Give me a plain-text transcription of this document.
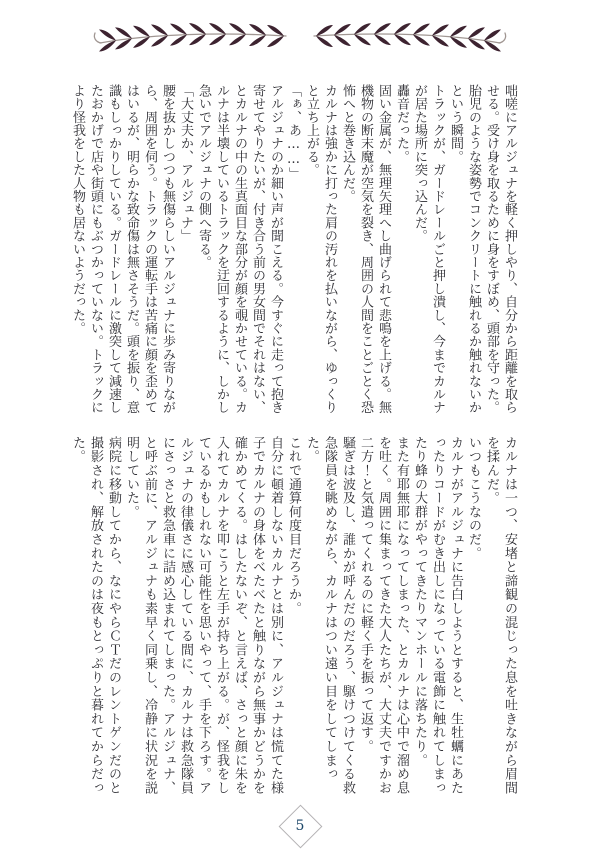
咄嗟にアルジュナを軽く押しやり、自分から距離を取らせる。受け身を取るために身をすぼめ、頭部を守った。胎児のような姿勢でコンクリートに触れるか触れないかという瞬間。

トラックが、ガードレールごと押し潰し、今までカルナが居た場所に突っ込んだ。

轟音だった。

固い金属が、無理矢理へし曲げられて悲鳴を上げる。無機物の断末魔が空気を裂き、周囲の人間をことごとく恐怖へと巻き込んだ。

カルナは強かに打った肩の汚れを払いながら、ゆっくりと立ち上がる。

「ぁ、あ……」

アルジュナのか細い声が聞こえる。今すぐに走って抱き寄せてやりたいが、付き合う前の男女間でそれはない、とカルナの中の生真面目な部分が顔を覗かせている。カルナは半壊しているトラックを迂回するように、しかし急いでアルジュナの側へ寄る。

「大丈夫か、アルジュナ」

腰を抜かしつつも無傷らしいアルジュナに歩み寄りながら、周囲を伺う。トラックの運転手は苦痛に顔を歪めてはいるが、明らかな致命傷は無さそうだ。頭を振り、意識もしっかりしている。ガードレールに激突して減速したおかげで店や街頭にもぶつかっていない。トラックにより怪我をした人物も居ないようだった。

カルナは一つ、安堵と諦観の混じった息を吐きながら眉間を揉んだ。

いつもこうなのだ。

カルナがアルジュナに告白しようとすると、生牡蠣にあたったりコードがむき出しになっている電飾に触れてしまったり蜂の大群がやってきたりマンホールに落ちたり。

また有耶無耶になってしまった、とカルナは心中で溜め息を吐く。周囲に集まってきた大人たちが、大丈夫ですかお二方！と気遣ってくれるのに軽く手を振って返す。

騒ぎは波及し、誰かが呼んだのだろう、駆けつけてくる救急隊員を眺めながら、カルナはつい遠い目をしてしまった。

これで通算何度目だろうか。

自分に頓着しないカルナとは別に、アルジュナは慌てた様子でカルナの身体をべたべたと触りながら無事かどうかを確かめてくる。はしたないぞ、と言えば、さっと顔に朱を入れてカルナを叩こうと左手が持ち上がる。が、怪我をしているかもしれない可能性を思いやって、手を下ろす。アルジュナの律儀さに感心している間に、カルナは救急隊員にさっさと救急車に詰め込まれてしまった。アルジュナ、と呼ぶ前に、アルジュナも素早く同乗し、冷静に状況を説明していた。

病院に移動してから、なにやらＣＴだのレントゲンだのと撮影され、解放されたのは夜もとっぷりと暮れてからだった。

5
